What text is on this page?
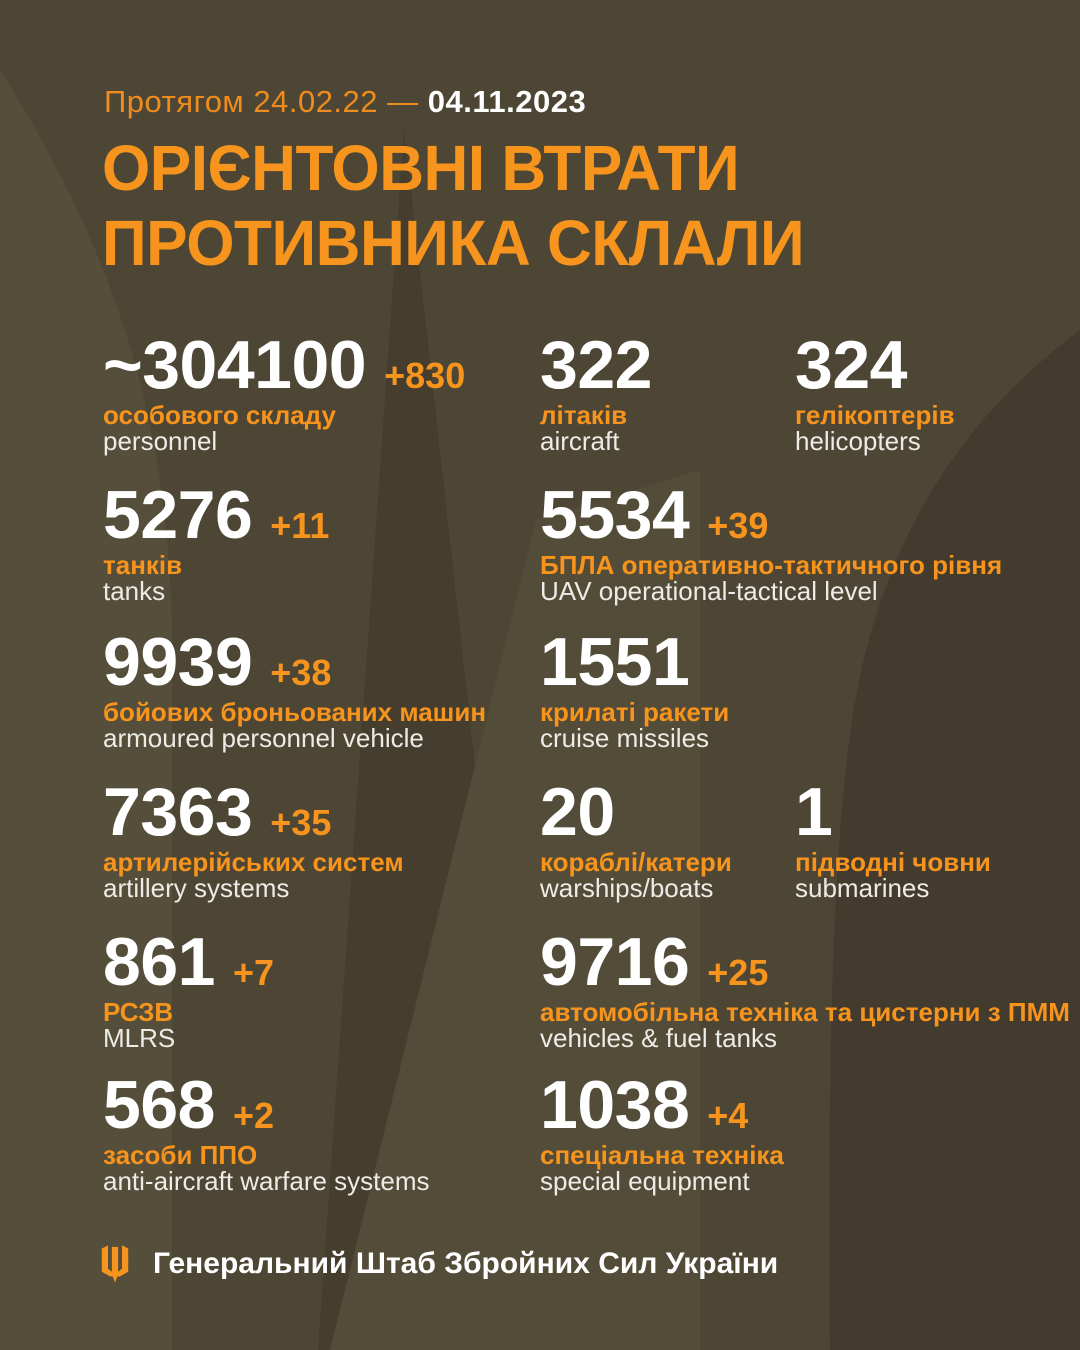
Протягом 24.02.22 — 04.11.2023
ОРІЄНТОВНІ ВТРАТИ
ПРОТИВНИКА СКЛАЛИ
~304100 +830
особового складу
personnel
322
літаків
aircraft
324
гелікоптерів
helicopters
5276 +11
танків
tanks
5534 +39
БПЛА оперативно-тактичного рівня
UAV operational-tactical level
9939 +38
бойових броньованих машин
armoured personnel vehicle
1551
крилаті ракети
cruise missiles
7363 +35
артилерійських систем
artillery systems
20
кораблі/катери
warships/boats
1
підводні човни
submarines
861 +7
РСЗВ
MLRS
9716 +25
автомобільна техніка та цистерни з ПММ
vehicles & fuel tanks
568 +2
засоби ППО
anti-aircraft warfare systems
1038 +4
спеціальна техніка
special equipment
Генеральний Штаб Збройних Сил України
